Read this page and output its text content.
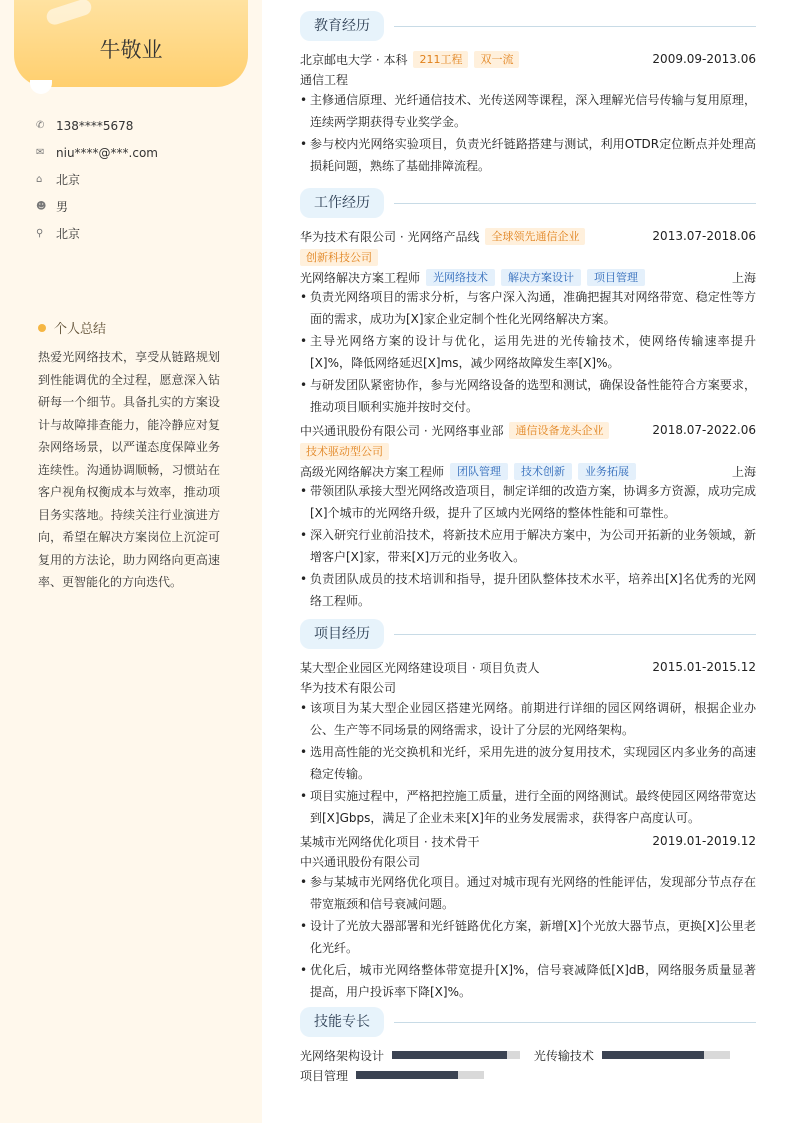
牛敬业
✆ 138****5678
✉ niu****@***.com
⌂	北京
☻ 男
⚲	北京
个人总结
热爱光网络技术，享受从链路规划到性能调优的全过程，愿意深入钻研每一个细节。具备扎实的方案设计与故障排查能力，能冷静应对复杂网络场景，以严谨态度保障业务连续性。沟通协调顺畅，习惯站在客户视角权衡成本与效率，推动项目务实落地。持续关注行业演进方向，希望在解决方案岗位上沉淀可复用的方法论，助力网络向更高速率、更智能化的方向迭代。
教育经历
北京邮电大学 · 本科	211工程	双一流	2009.09-2013.06
通信工程
• 主修通信原理、光纤通信技术、光传送网等课程，深入理解光信号传输与复用原理，连续两学期获得专业奖学金。
• 参与校内光网络实验项目，负责光纤链路搭建与测试，利用OTDR定位断点并处理高损耗问题，熟练了基础排障流程。
工作经历
华为技术有限公司 · 光网络产品线	全球领先通信企业	2013.07-2018.06
创新科技公司
光网络解决方案工程师	光网络技术	解决方案设计	项目管理	上海
• 负责光网络项目的需求分析，与客户深入沟通，准确把握其对网络带宽、稳定性等方面的需求，成功为[X]家企业定制个性化光网络解决方案。
• 主导光网络方案的设计与优化，运用先进的光传输技术，使网络传输速率提升[X]%，降低网络延迟[X]ms，减少网络故障发生率[X]%。
• 与研发团队紧密协作，参与光网络设备的选型和测试，确保设备性能符合方案要求，推动项目顺利实施并按时交付。
中兴通讯股份有限公司 · 光网络事业部	通信设备龙头企业	2018.07-2022.06
技术驱动型公司
高级光网络解决方案工程师	团队管理	技术创新	业务拓展	上海
• 带领团队承接大型光网络改造项目，制定详细的改造方案，协调多方资源，成功完成[X]个城市的光网络升级，提升了区域内光网络的整体性能和可靠性。
• 深入研究行业前沿技术，将新技术应用于解决方案中，为公司开拓新的业务领域，新增客户[X]家，带来[X]万元的业务收入。
• 负责团队成员的技术培训和指导，提升团队整体技术水平，培养出[X]名优秀的光网络工程师。
项目经历
某大型企业园区光网络建设项目 · 项目负责人	2015.01-2015.12
华为技术有限公司
• 该项目为某大型企业园区搭建光网络。前期进行详细的园区网络调研，根据企业办公、生产等不同场景的网络需求，设计了分层的光网络架构。
• 选用高性能的光交换机和光纤，采用先进的波分复用技术，实现园区内多业务的高速稳定传输。
• 项目实施过程中，严格把控施工质量，进行全面的网络测试。最终使园区网络带宽达到[X]Gbps，满足了企业未来[X]年的业务发展需求，获得客户高度认可。
某城市光网络优化项目 · 技术骨干	2019.01-2019.12
中兴通讯股份有限公司
• 参与某城市光网络优化项目。通过对城市现有光网络的性能评估，发现部分节点存在带宽瓶颈和信号衰减问题。
• 设计了光放大器部署和光纤链路优化方案，新增[X]个光放大器节点，更换[X]公里老化光纤。
• 优化后，城市光网络整体带宽提升[X]%，信号衰减降低[X]dB，网络服务质量显著提高，用户投诉率下降[X]%。
技能专长
光网络架构设计
	光传输技术
项目管理
